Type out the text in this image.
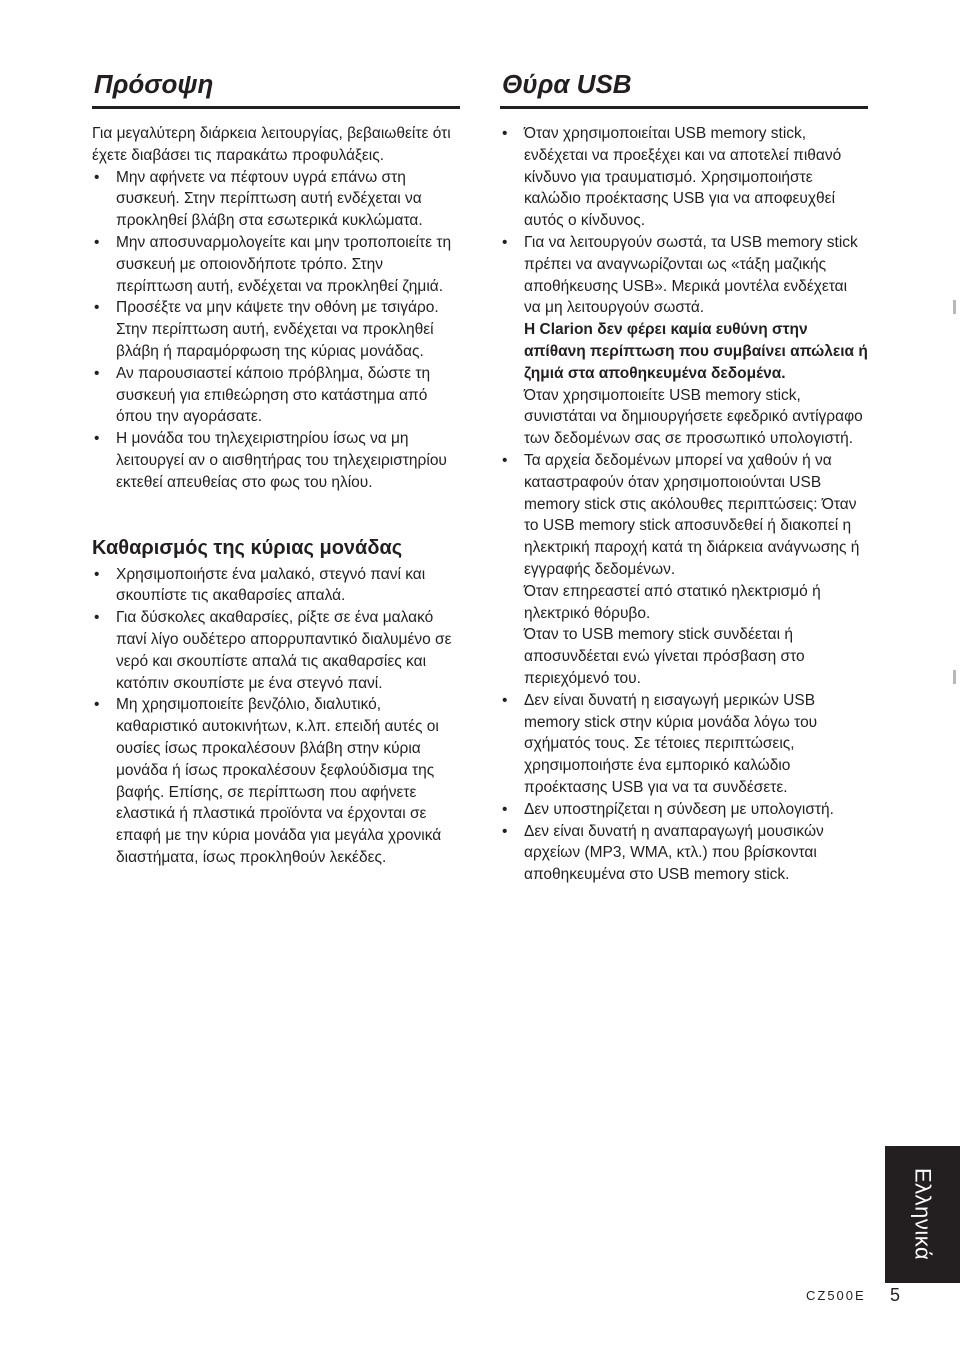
Πρόσοψη

Για μεγαλύτερη διάρκεια λειτουργίας, βεβαιωθείτε ότι έχετε διαβάσει τις παρακάτω προφυλάξεις.

• Μην αφήνετε να πέφτουν υγρά επάνω στη συσκευή. Στην περίπτωση αυτή ενδέχεται να προκληθεί βλάβη στα εσωτερικά κυκλώματα.
• Μην αποσυναρμολογείτε και μην τροποποιείτε τη συσκευή με οποιονδήποτε τρόπο. Στην περίπτωση αυτή, ενδέχεται να προκληθεί ζημιά.
• Προσέξτε να μην κάψετε την οθόνη με τσιγάρο. Στην περίπτωση αυτή, ενδέχεται να προκληθεί βλάβη ή παραμόρφωση της κύριας μονάδας.
• Αν παρουσιαστεί κάποιο πρόβλημα, δώστε τη συσκευή για επιθεώρηση στο κατάστημα από όπου την αγοράσατε.
• Η μονάδα του τηλεχειριστηρίου ίσως να μη λειτουργεί αν ο αισθητήρας του τηλεχειριστηρίου εκτεθεί απευθείας στο φως του ηλίου.
Καθαρισμός της κύριας μονάδας
• Χρησιμοποιήστε ένα μαλακό, στεγνό πανί και σκουπίστε τις ακαθαρσίες απαλά.
• Για δύσκολες ακαθαρσίες, ρίξτε σε ένα μαλακό πανί λίγο ουδέτερο απορρυπαντικό διαλυμένο σε νερό και σκουπίστε απαλά τις ακαθαρσίες και κατόπιν σκουπίστε με ένα στεγνό πανί.
• Μη χρησιμοποιείτε βενζόλιο, διαλυτικό, καθαριστικό αυτοκινήτων, κ.λπ. επειδή αυτές οι ουσίες ίσως προκαλέσουν βλάβη στην κύρια μονάδα ή ίσως προκαλέσουν ξεφλούδισμα της βαφής. Επίσης, σε περίπτωση που αφήνετε ελαστικά ή πλαστικά προϊόντα να έρχονται σε επαφή με την κύρια μονάδα για μεγάλα χρονικά διαστήματα, ίσως προκληθούν λεκέδες.
Θύρα USB
• Όταν χρησιμοποιείται USB memory stick, ενδέχεται να προεξέχει και να αποτελεί πιθανό κίνδυνο για τραυματισμό. Χρησιμοποιήστε καλώδιο προέκτασης USB για να αποφευχθεί αυτός ο κίνδυνος.
• Για να λειτουργούν σωστά, τα USB memory stick πρέπει να αναγνωρίζονται ως «τάξη μαζικής αποθήκευσης USB». Μερικά μοντέλα ενδέχεται να μη λειτουργούν σωστά.
Η Clarion δεν φέρει καμία ευθύνη στην απίθανη περίπτωση που συμβαίνει απώλεια ή ζημιά στα αποθηκευμένα δεδομένα.
Όταν χρησιμοποιείτε USB memory stick, συνιστάται να δημιουργήσετε εφεδρικό αντίγραφο των δεδομένων σας σε προσωπικό υπολογιστή.
• Τα αρχεία δεδομένων μπορεί να χαθούν ή να καταστραφούν όταν χρησιμοποιούνται USB memory stick στις ακόλουθες περιπτώσεις: Όταν το USB memory stick αποσυνδεθεί ή διακοπεί η ηλεκτρική παροχή κατά τη διάρκεια ανάγνωσης ή εγγραφής δεδομένων.
Όταν επηρεαστεί από στατικό ηλεκτρισμό ή ηλεκτρικό θόρυβο.
Όταν το USB memory stick συνδέεται ή αποσυνδέεται ενώ γίνεται πρόσβαση στο περιεχόμενό του.
• Δεν είναι δυνατή η εισαγωγή μερικών USB memory stick στην κύρια μονάδα λόγω του σχήματός τους. Σε τέτοιες περιπτώσεις, χρησιμοποιήστε ένα εμπορικό καλώδιο προέκτασης USB για να τα συνδέσετε.
• Δεν υποστηρίζεται η σύνδεση με υπολογιστή.
• Δεν είναι δυνατή η αναπαραγωγή μουσικών αρχείων (MP3, WMA, κτλ.) που βρίσκονται αποθηκευμένα στο USB memory stick.
Ελληνικά
CZ500E 5
